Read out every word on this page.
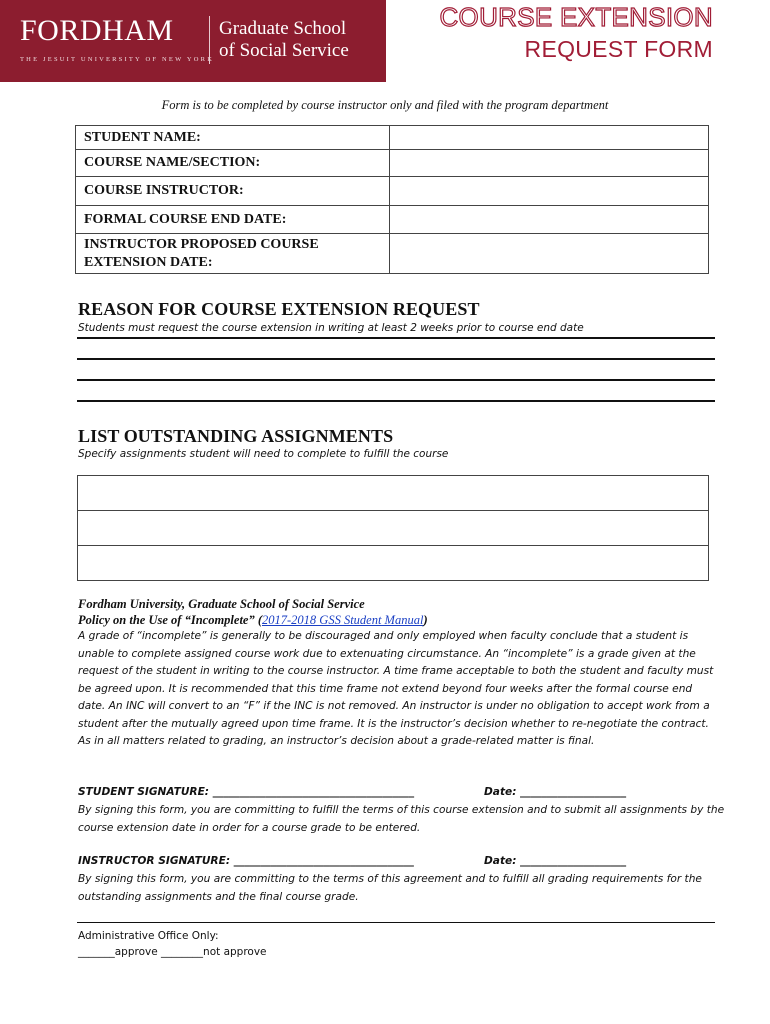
FORDHAM Graduate School
of Social Service
THE JESUIT UNIVERSITY OF NEW YORK
COURSE EXTENSION
REQUEST FORM
Form is to be completed by course instructor only and filed with the program department
STUDENT NAME:	
COURSE NAME/SECTION:	
COURSE INSTRUCTOR:	
FORMAL COURSE END DATE:	

INSTRUCTOR PROPOSED COURSE
EXTENSION DATE:	

REASON FOR COURSE EXTENSION REQUEST
Students must request the course extension in writing at least 2 weeks prior to course end date
LIST OUTSTANDING ASSIGNMENTS
Specify assignments student will need to complete to fulfill the course
Fordham University, Graduate School of Social Service
Policy on the Use of “Incomplete” (2017-2018 GSS Student Manual)
A grade of “incomplete” is generally to be discouraged and only employed when faculty conclude that a student is unable to complete assigned course work due to extenuating circumstance. An “incomplete” is a grade given at the request of the student in writing to the course instructor. A time frame acceptable to both the student and faculty must be agreed upon. It is recommended that this time frame not extend beyond four weeks after the formal course end date. An INC will convert to an “F” if the INC is not removed. An instructor is under no obligation to accept work from a student after the mutually agreed upon time frame. It is the instructor’s decision whether to re-negotiate the contract. As in all matters related to grading, an instructor’s decision about a grade-related matter is final.
STUDENT SIGNATURE: ______________________________________	Date: ____________________
By signing this form, you are committing to fulfill the terms of this course extension and to submit all assignments by the course extension date in order for a course grade to be entered.
INSTRUCTOR SIGNATURE: __________________________________	Date: ____________________
By signing this form, you are committing to the terms of this agreement and to fulfill all grading requirements for the outstanding assignments and the final course grade.
Administrative Office Only:
_______approve ________not approve
